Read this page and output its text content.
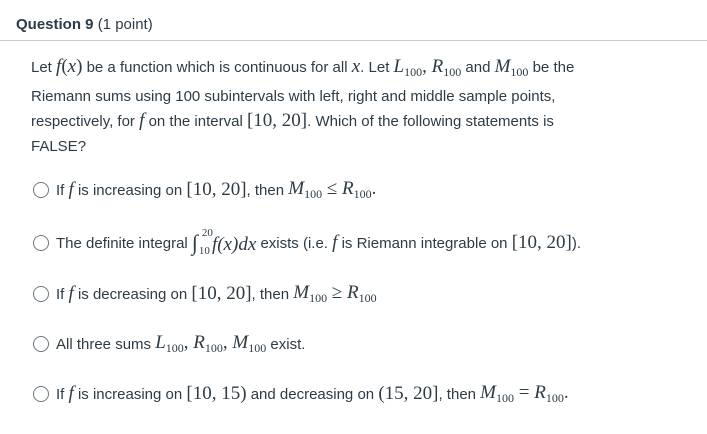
Question 9 (1 point)
Let f(x) be a function which is continuous for all x. Let $L_{100}$, $R_{100}$ and $M_{100}$ be the
Riemann sums using 100 subintervals with left, right and middle sample points,
respectively, for f on the interval [10, 20]. Which of the following statements is
FALSE?
If
f
is increasing on
[10, 20] , then
$M_{100} \le R_{100}$.
The definite integral
∫ 20
10 f(x)dx
exists (i.e.
f
is Riemann integrable on
[10, 20] ).
If
f
is decreasing on
[10, 20] , then
$M_{100} \ge R_{100}$
All three sums
$L_{100}$, $R_{100}$, $M_{100}$
exist.
If
f
is increasing on
[10, 15)
and decreasing on
(15, 20] , then
$M_{100} = R_{100}$.
